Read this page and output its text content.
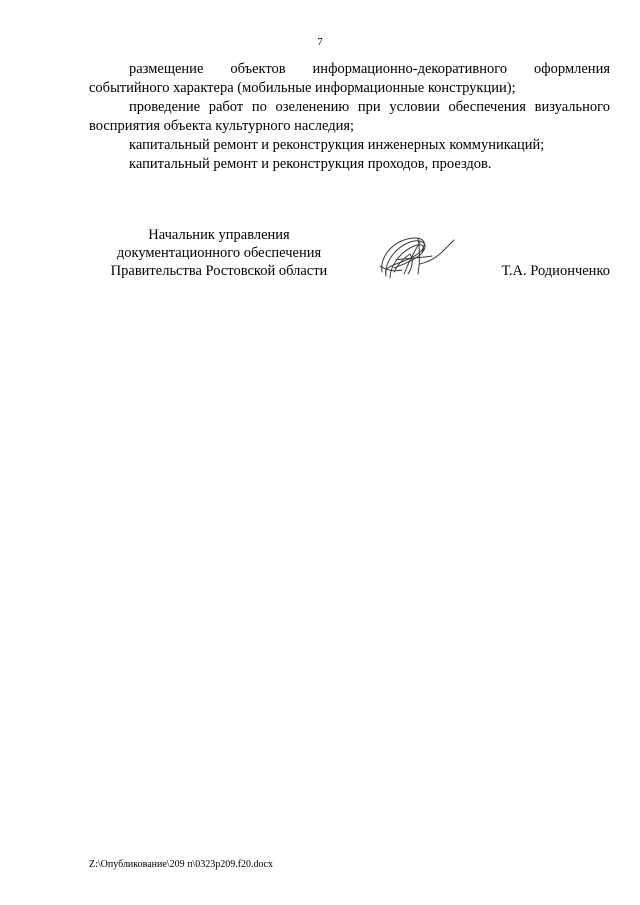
7

размещение объектов информационно-декоративного оформления событийного характера (мобильные информационные конструкции);

проведение работ по озеленению при условии обеспечения визуального восприятия объекта культурного наследия;

капитальный ремонт и реконструкция инженерных коммуникаций;

капитальный ремонт и реконструкция проходов, проездов.

Начальник управления
документационного обеспечения
Правительства Ростовской области	Т.А. Родионченко
Z:\Опубликование\209 п\0323р209.f20.docx
